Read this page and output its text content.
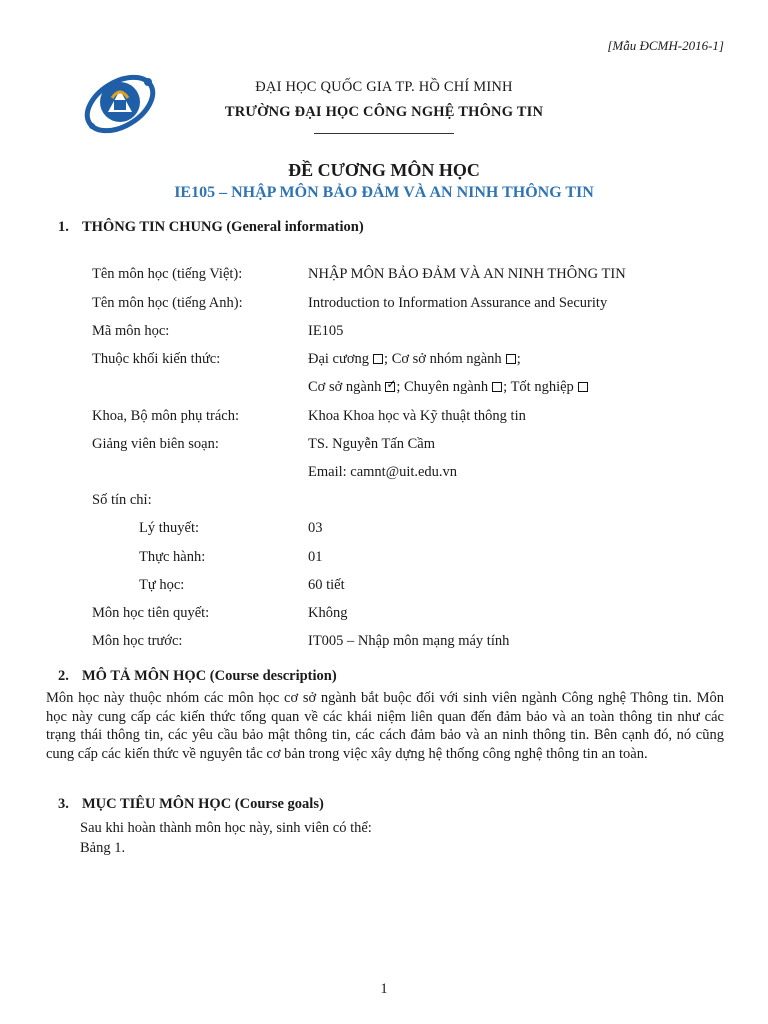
[Mẫu ĐCMH-2016-1]
ĐẠI HỌC QUỐC GIA TP. HỒ CHÍ MINH
TRƯỜNG ĐẠI HỌC CÔNG NGHỆ THÔNG TIN
ĐỀ CƯƠNG MÔN HỌC
IE105 – NHẬP MÔN BẢO ĐẢM VÀ AN NINH THÔNG TIN
1. THÔNG TIN CHUNG (General information)
Tên môn học (tiếng Việt):	NHẬP MÔN BẢO ĐẢM VÀ AN NINH THÔNG TIN
Tên môn học (tiếng Anh):	Introduction to Information Assurance and Security
Mã môn học:	IE105
Thuộc khối kiến thức:	Đại cương ; Cơ sở nhóm ngành ;
Cơ sở ngành✓ ; Chuyên ngành ; Tốt nghiệp
Khoa, Bộ môn phụ trách:	Khoa Khoa học và Kỹ thuật thông tin
Giảng viên biên soạn:	TS. Nguyễn Tấn Cầm
Email: camnt@uit.edu.vn
Số tín chỉ:
Lý thuyết:	03
Thực hành:	01
Tự học:	60 tiết
Môn học tiên quyết:	Không
Môn học trước:	IT005 – Nhập môn mạng máy tính
2. MÔ TẢ MÔN HỌC (Course description)
Môn học này thuộc nhóm các môn học cơ sở ngành bắt buộc đối với sinh viên ngành Công nghệ Thông tin. Môn học này cung cấp các kiến thức tổng quan về các khái niệm liên quan đến đảm bảo và an toàn thông tin như các trạng thái thông tin, các yêu cầu bảo mật thông tin, các cách đảm bảo và an ninh thông tin. Bên cạnh đó, nó cũng cung cấp các kiến thức về nguyên tắc cơ bản trong việc xây dựng hệ thống công nghệ thông tin an toàn.
3. MỤC TIÊU MÔN HỌC (Course goals)
Sau khi hoàn thành môn học này, sinh viên có thể:
Bảng 1.
1
